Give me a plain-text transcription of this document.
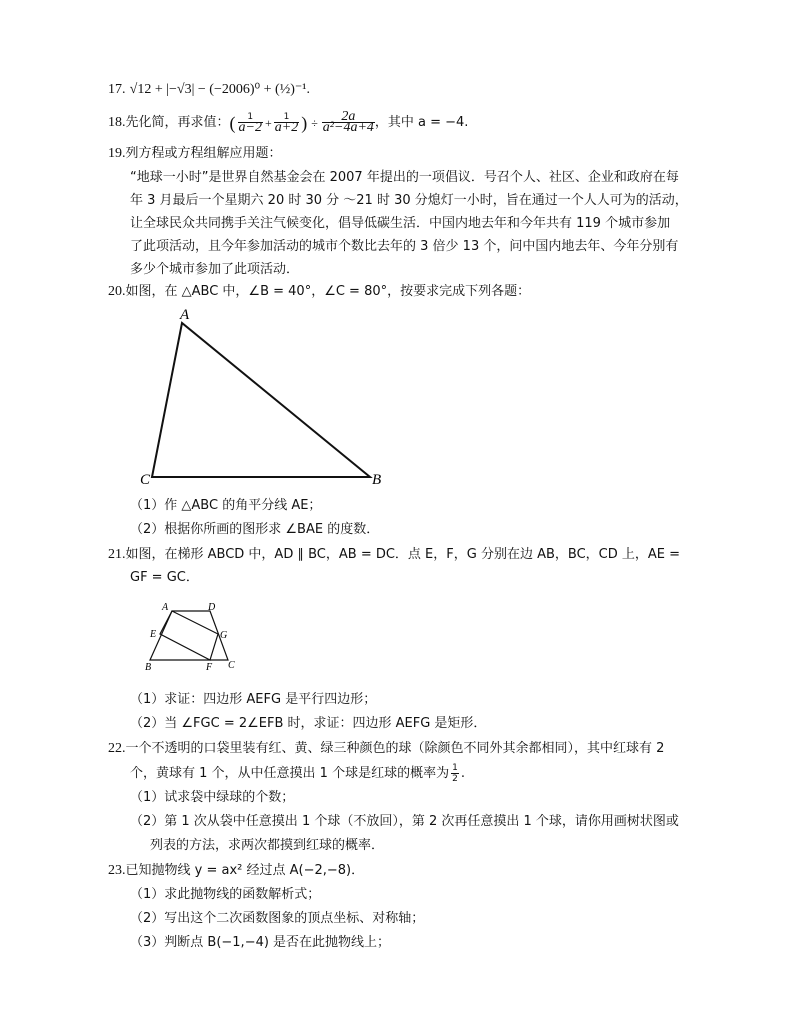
17. √12 + |−√3| − (−2006)⁰ + (½)⁻¹.
18. 先化简，再求值： ( 1
a−2 + 1
a+2 ) ÷ $\frac{2a}{\text{a²−4a+4}}$ ，其中 a = −4.
19.列方程或方程组解应用题：
“地球一小时”是世界自然基金会在 2007 年提出的一项倡议．号召个人、社区、企业和政府在每
年 3 月最后一个星期六 20 时 30 分 ～21 时 30 分熄灯一小时，旨在通过一个人人可为的活动，
让全球民众共同携手关注气候变化，倡导低碳生活．中国内地去年和今年共有 119 个城市参加
了此项活动，且今年参加活动的城市个数比去年的 3 倍少 13 个，问中国内地去年、今年分别有
多少个城市参加了此项活动．
20.如图，在 △ABC 中，∠B = 40°，∠C = 80°，按要求完成下列各题：
A
C	B
（1）作 △ABC 的角平分线 AE；
（2）根据你所画的图形求 ∠BAE 的度数．
21.如图，在梯形 ABCD 中，AD ∥ BC，AB = DC．点 E，F，G 分别在边 AB，BC，CD 上，AE =
GF = GC．
A	D
E	G
B	F C
（1）求证：四边形 AEFG 是平行四边形；
（2）当 ∠FGC = 2∠EFB 时，求证：四边形 AEFG 是矩形．
22.一个不透明的口袋里装有红、黄、绿三种颜色的球（除颜色不同外其余都相同），其中红球有 2
个，黄球有 1 个，从中任意摸出 1 个球是红球的概率为 $\frac{1}{2}$ .
（1）试求袋中绿球的个数；
（2）第 1 次从袋中任意摸出 1 个球（不放回），第 2 次再任意摸出 1 个球，请你用画树状图或
列表的方法，求两次都摸到红球的概率．
23.已知抛物线 y = ax² 经过点 A(−2,−8)．
（1）求此抛物线的函数解析式；
（2）写出这个二次函数图象的顶点坐标、对称轴；
（3）判断点 B(−1,−4) 是否在此抛物线上；
